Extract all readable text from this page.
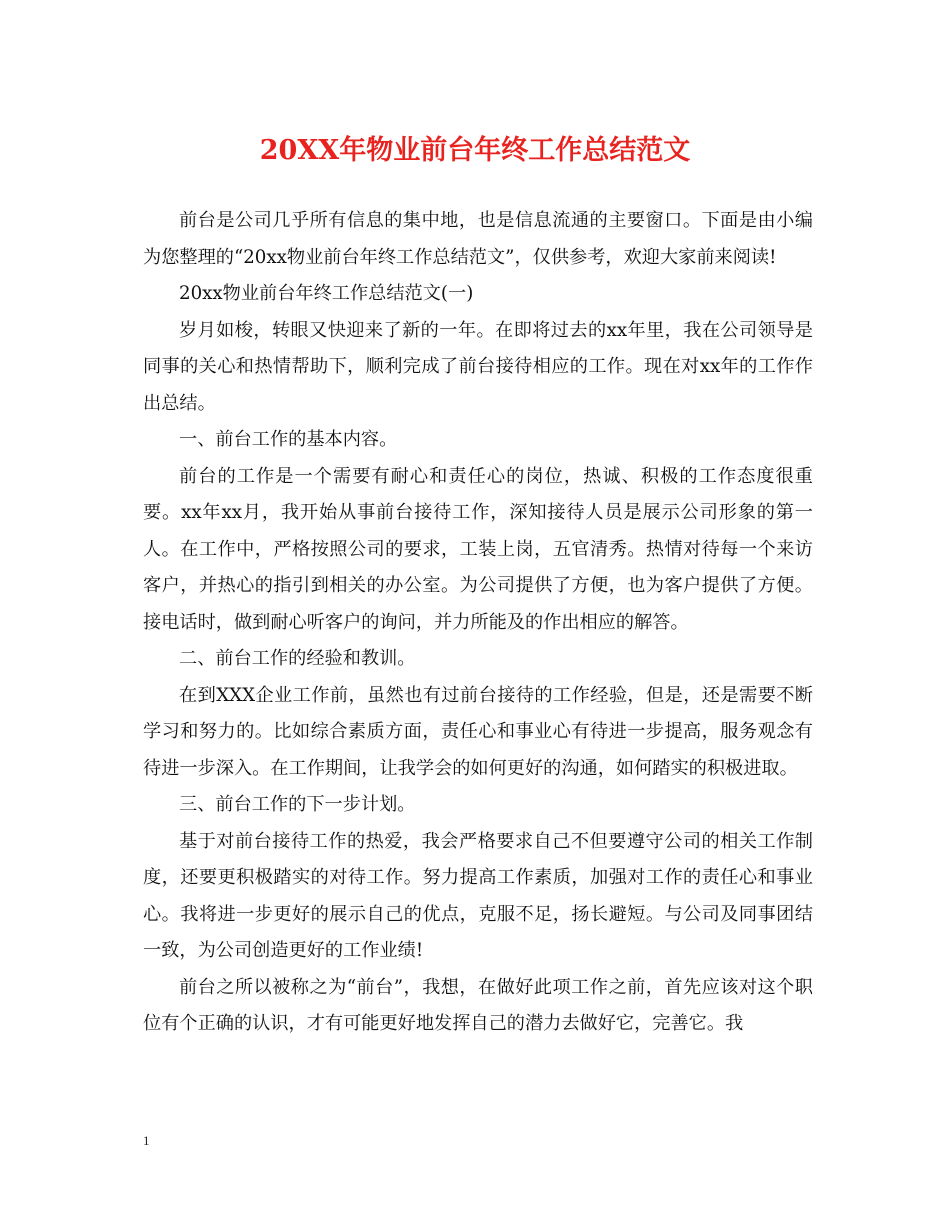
20XX年物业前台年终工作总结范文

前台是公司几乎所有信息的集中地，也是信息流通的主要窗口。下面是由小编为您整理的“20xx物业前台年终工作总结范文”，仅供参考，欢迎大家前来阅读!

20xx物业前台年终工作总结范文(一)

岁月如梭，转眼又快迎来了新的一年。在即将过去的xx年里，我在公司领导是同事的关心和热情帮助下，顺利完成了前台接待相应的工作。现在对xx年的工作作出总结。

一、前台工作的基本内容。

前台的工作是一个需要有耐心和责任心的岗位，热诚、积极的工作态度很重要。xx年xx月，我开始从事前台接待工作，深知接待人员是展示公司形象的第一人。在工作中，严格按照公司的要求，工装上岗，五官清秀。热情对待每一个来访客户，并热心的指引到相关的办公室。为公司提供了方便，也为客户提供了方便。接电话时，做到耐心听客户的询问，并力所能及的作出相应的解答。

二、前台工作的经验和教训。

在到XXX企业工作前，虽然也有过前台接待的工作经验，但是，还是需要不断学习和努力的。比如综合素质方面，责任心和事业心有待进一步提高，服务观念有待进一步深入。在工作期间，让我学会的如何更好的沟通，如何踏实的积极进取。

三、前台工作的下一步计划。

基于对前台接待工作的热爱，我会严格要求自己不但要遵守公司的相关工作制度，还要更积极踏实的对待工作。努力提高工作素质，加强对工作的责任心和事业心。我将进一步更好的展示自己的优点，克服不足，扬长避短。与公司及同事团结一致，为公司创造更好的工作业绩!

前台之所以被称之为“前台”，我想，在做好此项工作之前，首先应该对这个职位有个正确的认识，才有可能更好地发挥自己的潜力去做好它，完善它。我

1
